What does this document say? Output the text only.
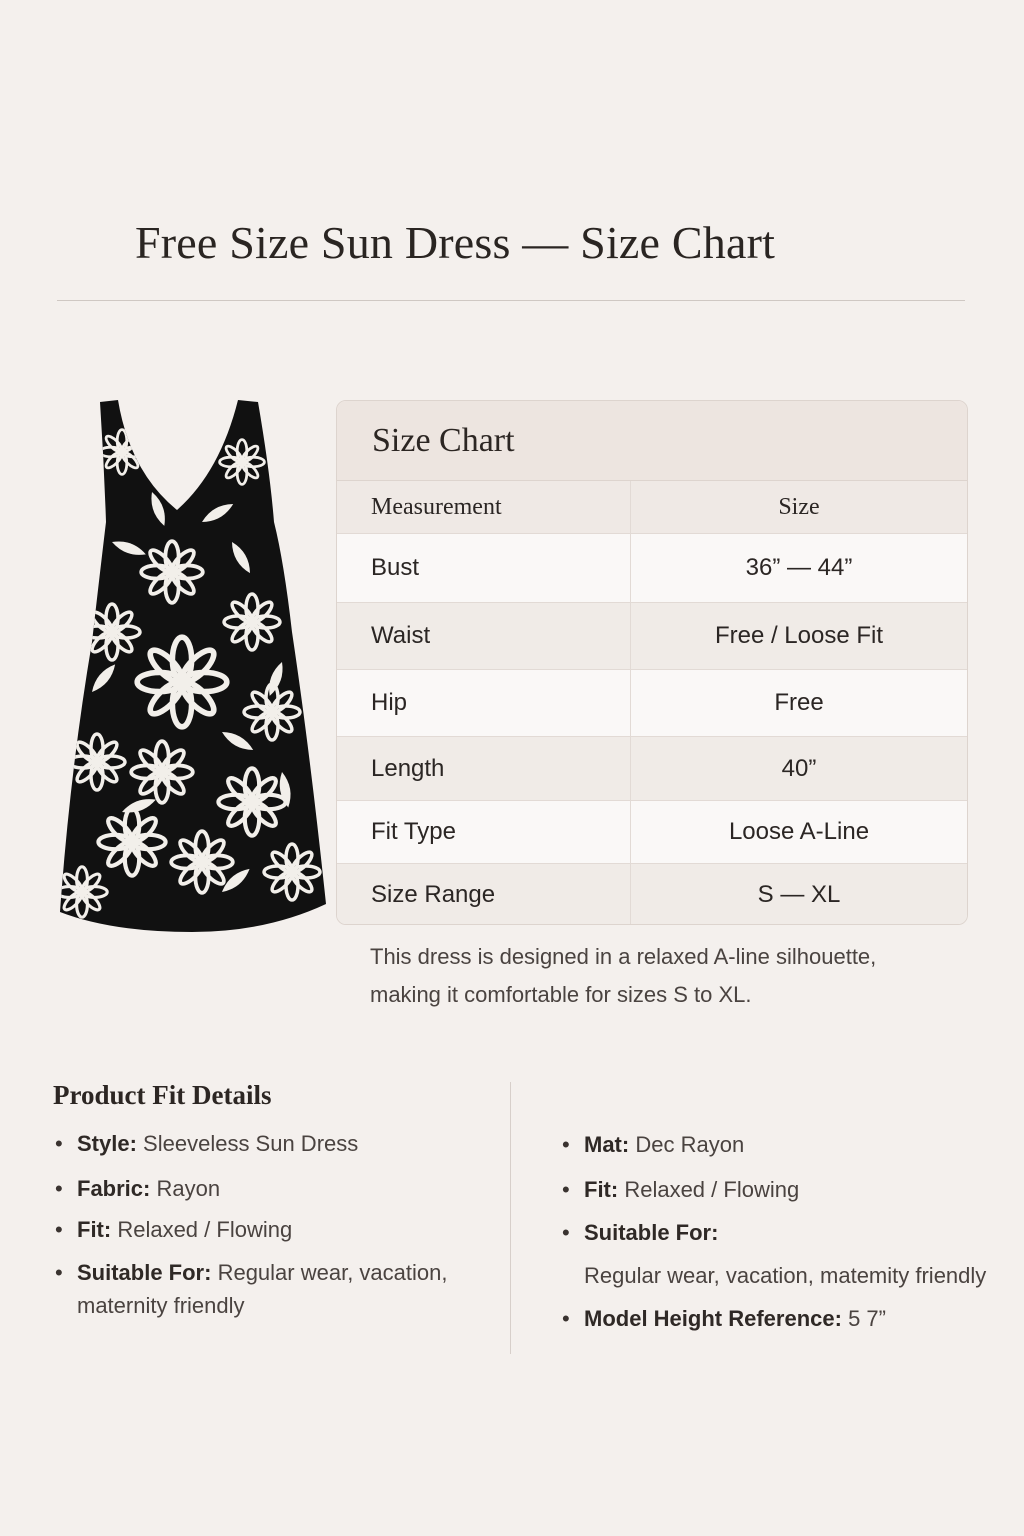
Free Size Sun Dress — Size Chart
Size Chart
Measurement	Size
Bust	36” — 44”
Waist	Free / Loose Fit
Hip	Free
Length	40”
Fit Type	Loose A-Line
Size Range	S — XL
This dress is designed in a relaxed A-line silhouette,
making it comfortable for sizes S to XL.
Product Fit Details
• Style: Sleeveless Sun Dress
• Fabric: Rayon
• Fit: Relaxed / Flowing
• Suitable For: Regular wear, vacation,
maternity friendly
• Mat: Dec Rayon
• Fit: Relaxed / Flowing
• Suitable For:
Regular wear, vacation, matemity friendly
• Model Height Reference: 5 7”
